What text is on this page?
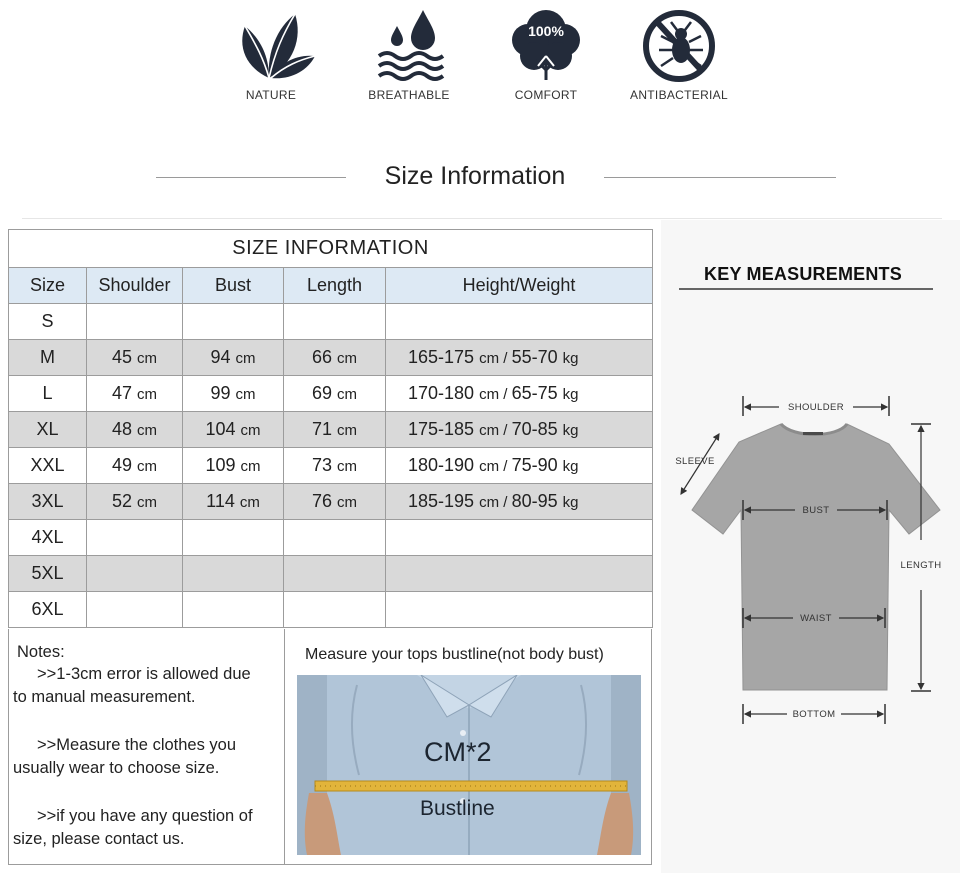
NATURE	BREATHABLE
100%
COMFORT	ANTIBACTERIAL
Size Information
SIZE INFORMATION				
Size	Shoulder	Bust	Length	Height/Weight
S				
M	45 cm	94 cm	66 cm	165-175 cm / 55-70 kg
L	47 cm	99 cm	69 cm	170-180 cm / 65-75 kg
XL	48 cm	104 cm	71 cm	175-185 cm / 70-85 kg
XXL	49 cm	109 cm	73 cm	180-190 cm / 75-90 kg
3XL	52 cm	114 cm	76 cm	185-195 cm / 80-95 kg
4XL				
5XL				
6XL				

Notes:

>>1-3cm error is allowed due

to manual measurement.

>>Measure the clothes you

usually wear to choose size.

>>if you have any question of

size, please contact us.

Measure your tops bustline(not body bust)
CM*2
Bustline
KEY MEASUREMENTS
SHOULDER
SLEEVE
BUST
WAIST
LENGTH
BOTTOM
